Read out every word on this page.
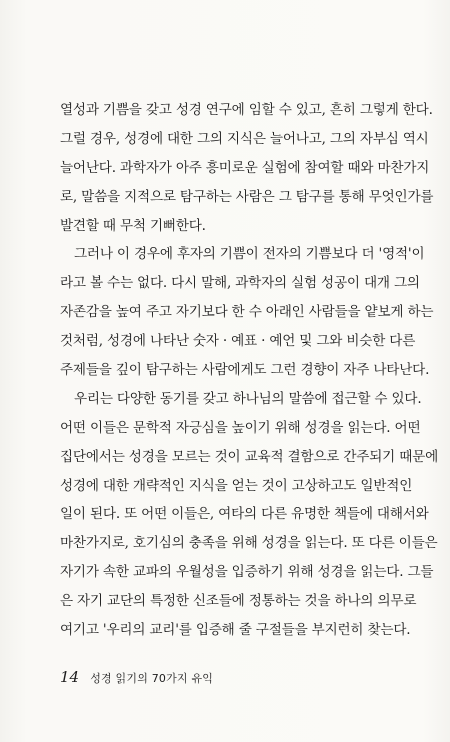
열성과 기쁨을 갖고 성경 연구에 임할 수 있고, 흔히 그렇게 한다.
그럴 경우, 성경에 대한 그의 지식은 늘어나고, 그의 자부심 역시
늘어난다. 과학자가 아주 흥미로운 실험에 참여할 때와 마찬가지
로, 말씀을 지적으로 탐구하는 사람은 그 탐구를 통해 무엇인가를
발견할 때 무척 기뻐한다.
그러나 이 경우에 후자의 기쁨이 전자의 기쁨보다 더 '영적'이
라고 볼 수는 없다. 다시 말해, 과학자의 실험 성공이 대개 그의
자존감을 높여 주고 자기보다 한 수 아래인 사람들을 얕보게 하는
것처럼, 성경에 나타난 숫자 · 예표 · 예언 및 그와 비슷한 다른
주제들을 깊이 탐구하는 사람에게도 그런 경향이 자주 나타난다.
우리는 다양한 동기를 갖고 하나님의 말씀에 접근할 수 있다.
어떤 이들은 문학적 자긍심을 높이기 위해 성경을 읽는다. 어떤
집단에서는 성경을 모르는 것이 교육적 결함으로 간주되기 때문에
성경에 대한 개략적인 지식을 얻는 것이 고상하고도 일반적인
일이 된다. 또 어떤 이들은, 여타의 다른 유명한 책들에 대해서와
마찬가지로, 호기심의 충족을 위해 성경을 읽는다. 또 다른 이들은
자기가 속한 교파의 우월성을 입증하기 위해 성경을 읽는다. 그들
은 자기 교단의 특정한 신조들에 정통하는 것을 하나의 의무로
여기고 '우리의 교리'를 입증해 줄 구절들을 부지런히 찾는다.
14 성경 읽기의 70가지 유익
